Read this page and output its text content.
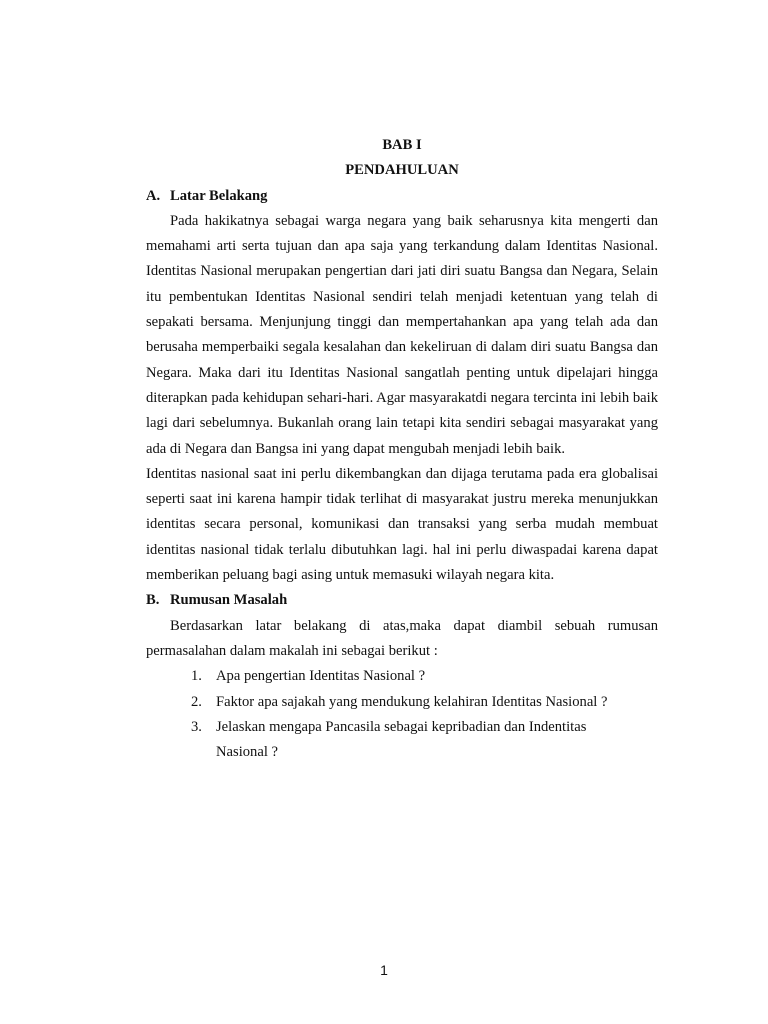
BAB I

PENDAHULUAN

A. Latar Belakang

Pada hakikatnya sebagai warga negara yang baik seharusnya kita mengerti dan memahami arti serta tujuan dan apa saja yang terkandung dalam Identitas Nasional. Identitas Nasional merupakan pengertian dari jati diri suatu Bangsa dan Negara, Selain itu pembentukan Identitas Nasional sendiri telah menjadi ketentuan yang telah di sepakati bersama. Menjunjung tinggi dan mempertahankan apa yang telah ada dan berusaha memperbaiki segala kesalahan dan kekeliruan di dalam diri suatu Bangsa dan Negara. Maka dari itu Identitas Nasional sangatlah penting untuk dipelajari hingga diterapkan pada kehidupan sehari-hari. Agar masyarakatdi negara tercinta ini lebih baik lagi dari sebelumnya. Bukanlah orang lain tetapi kita sendiri sebagai masyarakat yang ada di Negara dan Bangsa ini yang dapat mengubah menjadi lebih baik.

Identitas nasional saat ini perlu dikembangkan dan dijaga terutama pada era globalisai seperti saat ini karena hampir tidak terlihat di masyarakat justru mereka menunjukkan identitas secara personal, komunikasi dan transaksi yang serba mudah membuat identitas nasional tidak terlalu dibutuhkan lagi. hal ini perlu diwaspadai karena dapat memberikan peluang bagi asing untuk memasuki wilayah negara kita.

B. Rumusan Masalah

Berdasarkan latar belakang di atas,maka dapat diambil sebuah rumusan permasalahan dalam makalah ini sebagai berikut :

1. Apa pengertian Identitas Nasional ?
2. Faktor apa sajakah yang mendukung kelahiran Identitas Nasional ?
3. Jelaskan mengapa Pancasila sebagai kepribadian dan Indentitas Nasional ?
1
